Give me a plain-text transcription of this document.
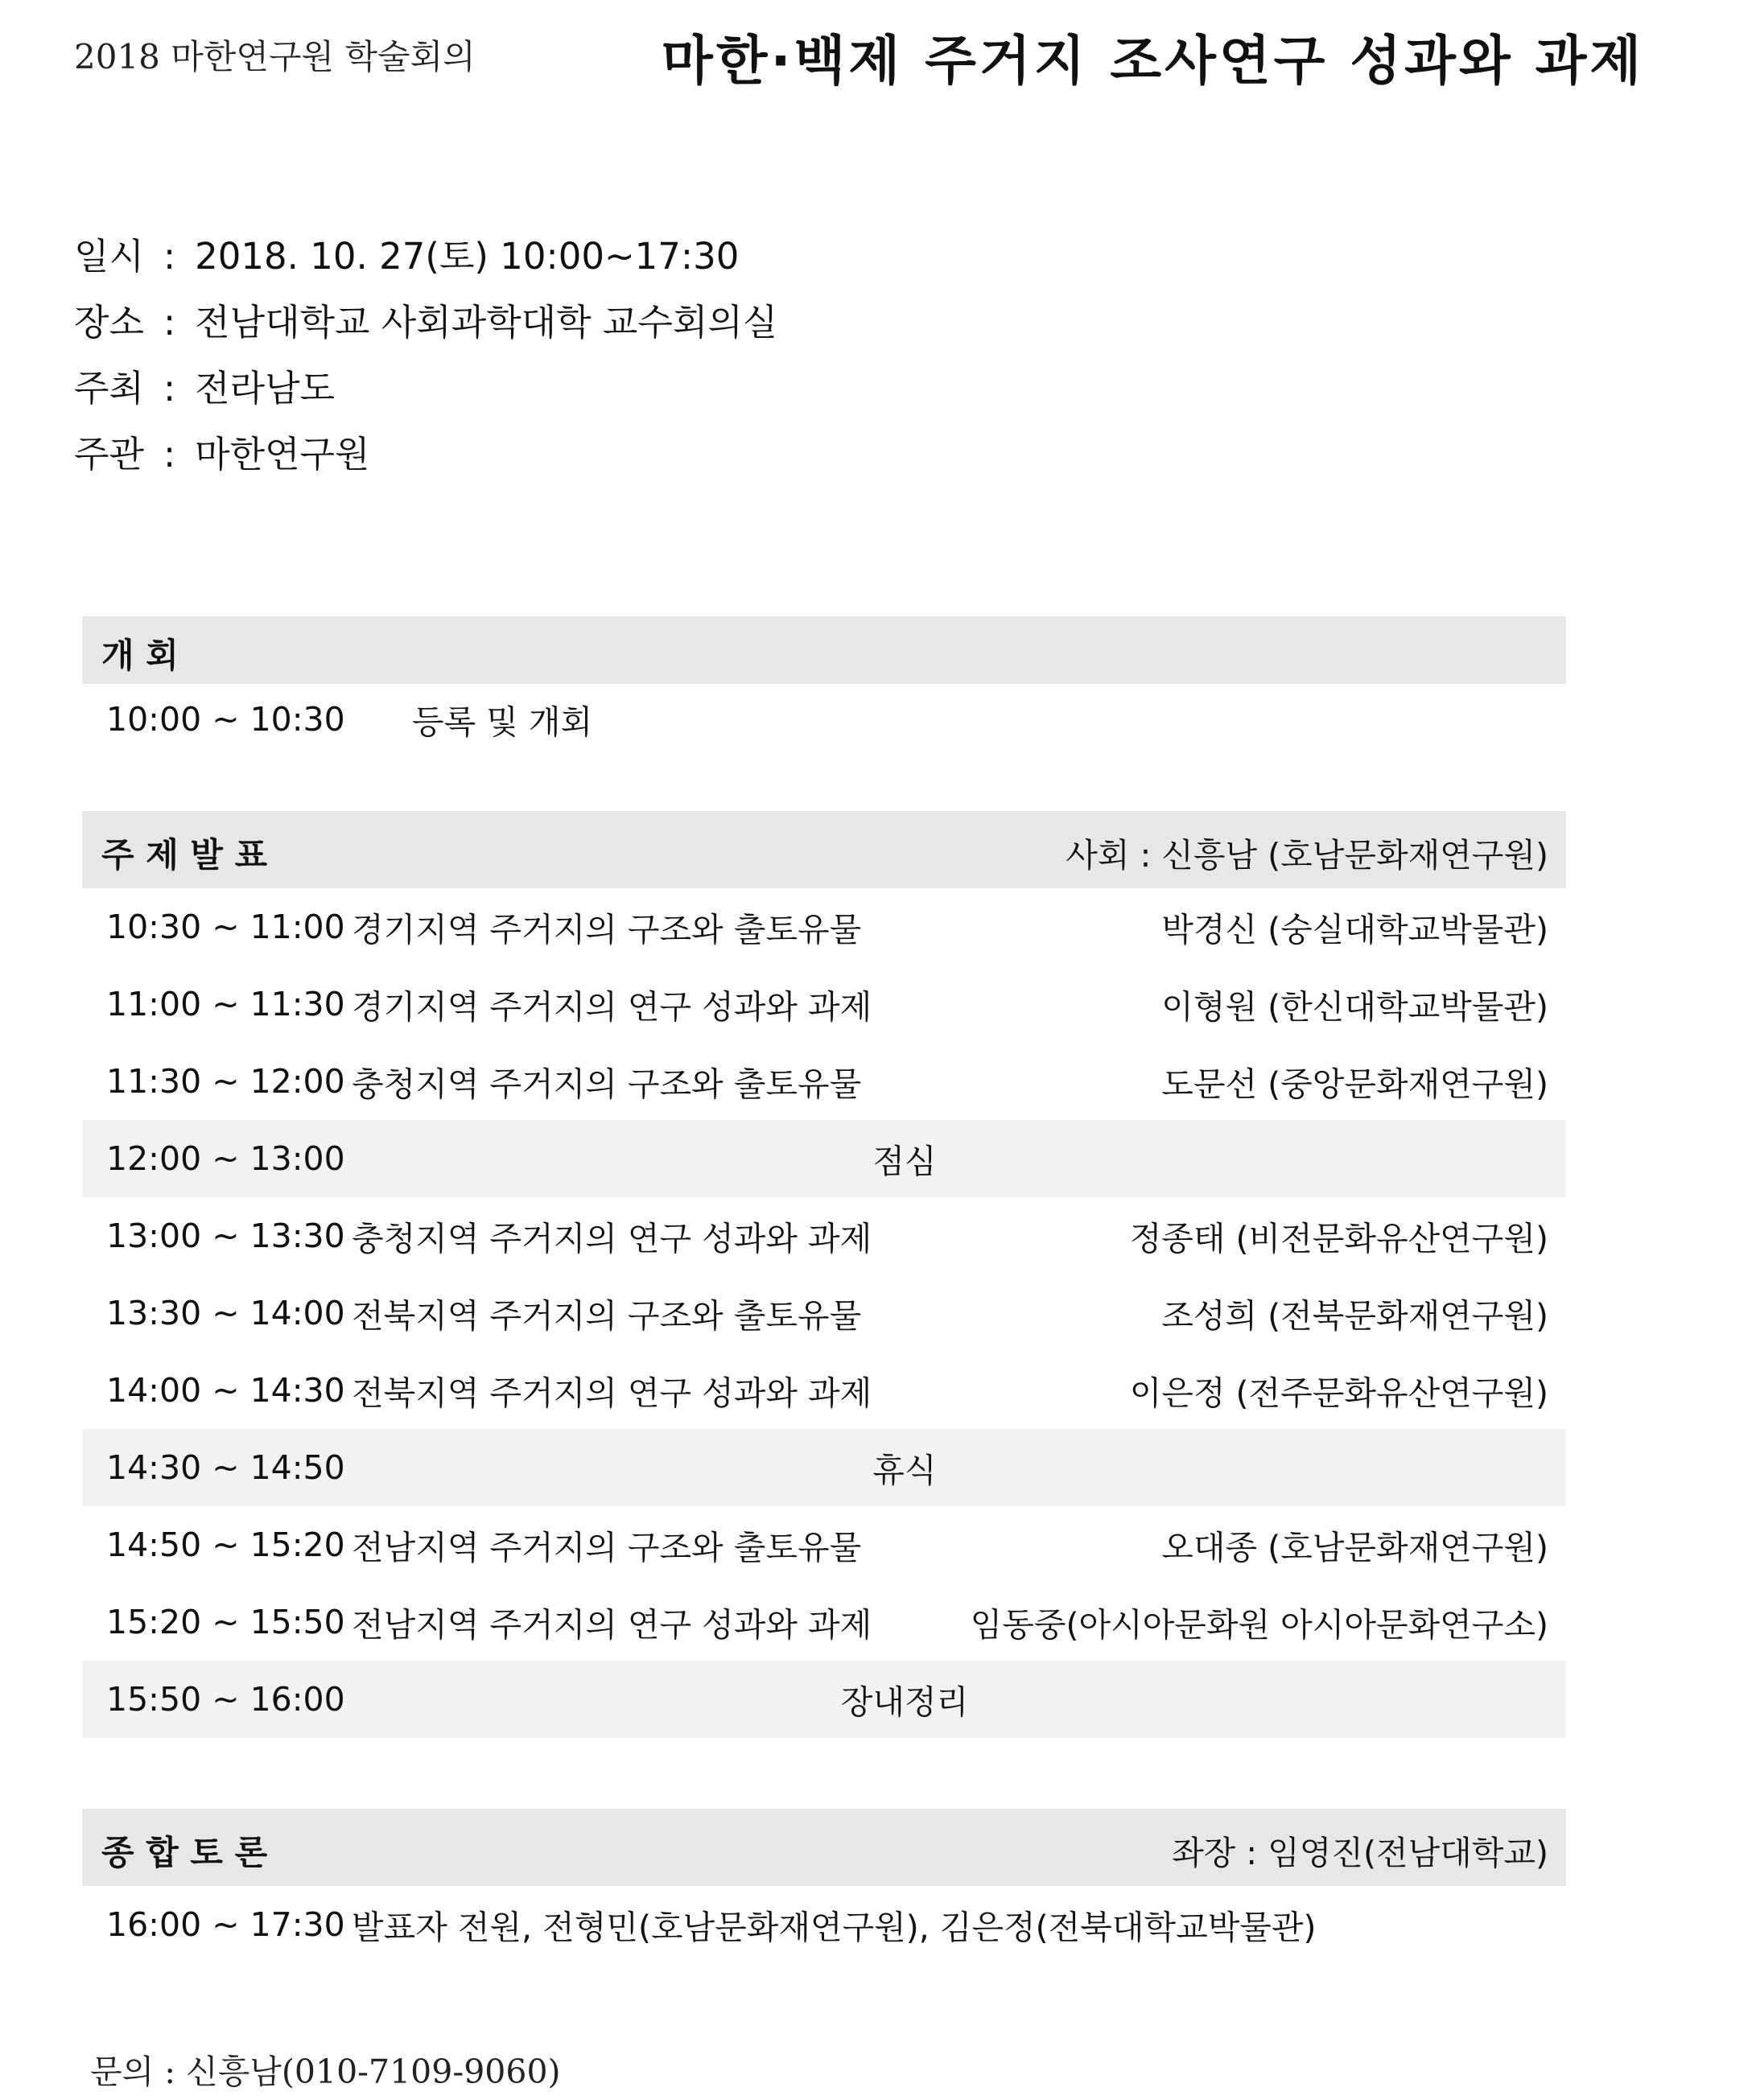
2018 마한연구원 학술회의	마한·백제 주거지 조사연구 성과와 과제
일시 : 2018. 10. 27(토) 10:00~17:30
장소 : 전남대학교 사회과학대학 교수회의실
주최 : 전라남도
주관 : 마한연구원
개 회
10:00 ~ 10:30 등록 및 개회
주 제 발 표	사회 : 신흥남 (호남문화재연구원)
10:30 ~ 11:00 경기지역 주거지의 구조와 출토유물	박경신 (숭실대학교박물관)
11:00 ~ 11:30 경기지역 주거지의 연구 성과와 과제	이형원 (한신대학교박물관)
11:30 ~ 12:00 충청지역 주거지의 구조와 출토유물	도문선 (중앙문화재연구원)
12:00 ~ 13:00	점심
13:00 ~ 13:30 충청지역 주거지의 연구 성과와 과제	정종태 (비전문화유산연구원)
13:30 ~ 14:00 전북지역 주거지의 구조와 출토유물	조성희 (전북문화재연구원)
14:00 ~ 14:30 전북지역 주거지의 연구 성과와 과제	이은정 (전주문화유산연구원)
14:30 ~ 14:50	휴식
14:50 ~ 15:20 전남지역 주거지의 구조와 출토유물	오대종 (호남문화재연구원)
15:20 ~ 15:50 전남지역 주거지의 연구 성과와 과제	임동중(아시아문화원 아시아문화연구소)
15:50 ~ 16:00	장내정리
종 합 토 론	좌장 : 임영진(전남대학교)
16:00 ~ 17:30 발표자 전원, 전형민(호남문화재연구원), 김은정(전북대학교박물관)
문의 : 신흥남(010-7109-9060)
